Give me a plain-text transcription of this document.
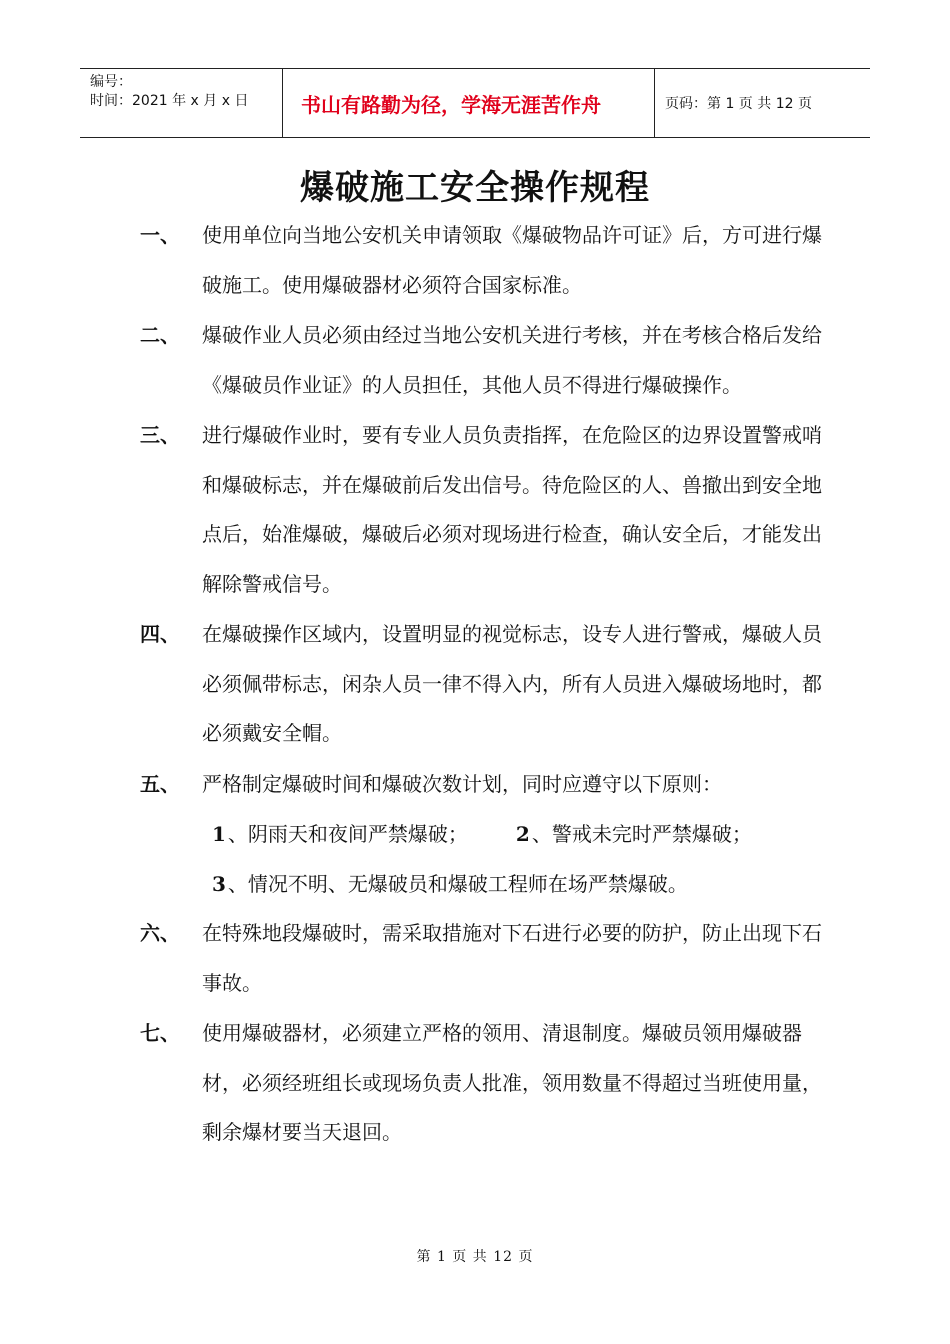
编号：
时间：2021 年 x 月 x 日	书山有路勤为径，学海无涯苦作舟	页码：第 1 页 共 12 页
爆破施工安全操作规程
一、	使用单位向当地公安机关申请领取《爆破物品许可证》后，方可进行爆破施工。使用爆破器材必须符合国家标准。
二、	爆破作业人员必须由经过当地公安机关进行考核，并在考核合格后发给《爆破员作业证》的人员担任，其他人员不得进行爆破操作。
三、	进行爆破作业时，要有专业人员负责指挥，在危险区的边界设置警戒哨和爆破标志，并在爆破前后发出信号。待危险区的人、兽撤出到安全地点后，始准爆破，爆破后必须对现场进行检查，确认安全后，才能发出解除警戒信号。
四、	在爆破操作区域内，设置明显的视觉标志，设专人进行警戒，爆破人员必须佩带标志，闲杂人员一律不得入内，所有人员进入爆破场地时，都必须戴安全帽。
五、	严格制定爆破时间和爆破次数计划，同时应遵守以下原则：
1 、阴雨天和夜间严禁爆破； 2 、警戒未完时严禁爆破；
3 、情况不明、无爆破员和爆破工程师在场严禁爆破。
六、	在特殊地段爆破时，需采取措施对下石进行必要的防护，防止出现下石事故。
七、	使用爆破器材，必须建立严格的领用、清退制度。爆破员领用爆破器材，必须经班组长或现场负责人批准，领用数量不得超过当班使用量，剩余爆材要当天退回。
第 1 页 共 12 页
